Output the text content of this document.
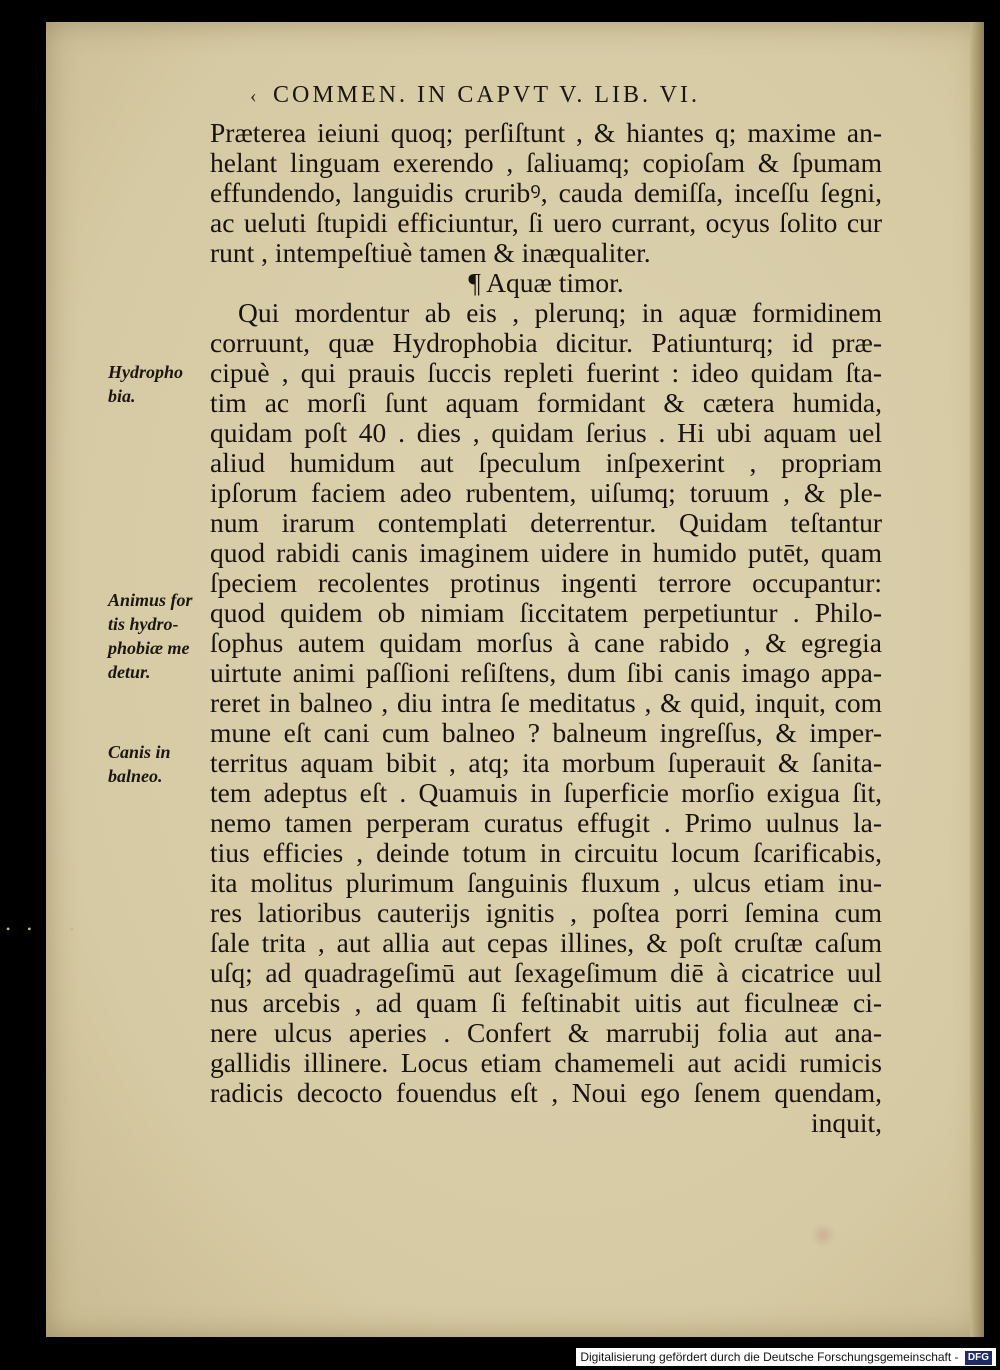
• • • •
‹ COMMEN. IN CAPVT V. LIB. VI.
Præterea ieiuni quoq; perſiſtunt , & hiantes q; maxime an-
helant linguam exerendo , ſaliuamq; copioſam & ſpumam
effundendo, languidis cruribꝰ, cauda demiſſa, inceſſu ſegni,
ac ueluti ſtupidi efficiuntur, ſi uero currant, ocyus ſolito cur
runt , intempeſtiuè tamen & inæqualiter.
¶ Aquæ timor.
Qui mordentur ab eis , plerunq; in aquæ formidinem
corruunt, quæ Hydrophobia dicitur. Patiunturq; id præ-
cipuè , qui prauis ſuccis repleti fuerint : ideo quidam ſta-
tim ac morſi ſunt aquam formidant & cætera humida,
quidam poſt 40 . dies , quidam ſerius . Hi ubi aquam uel
aliud humidum aut ſpeculum inſpexerint , propriam
ipſorum faciem adeo rubentem, uiſumq; toruum , & ple-
num irarum contemplati deterrentur. Quidam teſtantur
quod rabidi canis imaginem uidere in humido putēt, quam
ſpeciem recolentes protinus ingenti terrore occupantur:
quod quidem ob nimiam ſiccitatem perpetiuntur . Philo-
ſophus autem quidam morſus à cane rabido , & egregia
uirtute animi paſſioni reſiſtens, dum ſibi canis imago appa-
reret in balneo , diu intra ſe meditatus , & quid, inquit, com
mune eſt cani cum balneo ? balneum ingreſſus, & imper-
territus aquam bibit , atq; ita morbum ſuperauit & ſanita-
tem adeptus eſt . Quamuis in ſuperficie morſio exigua ſit,
nemo tamen perperam curatus effugit . Primo uulnus la-
tius efficies , deinde totum in circuitu locum ſcarificabis,
ita molitus plurimum ſanguinis fluxum , ulcus etiam inu-
res latioribus cauterijs ignitis , poſtea porri ſemina cum
ſale trita , aut allia aut cepas illines, & poſt cruſtæ caſum
uſq; ad quadrageſimū aut ſexageſimum diē à cicatrice uul
nus arcebis , ad quam ſi feſtinabit uitis aut ficulneæ ci-
nere ulcus aperies . Confert & marrubij folia aut ana-
gallidis illinere. Locus etiam chamemeli aut acidi rumicis
radicis decocto fouendus eſt , Noui ego ſenem quendam,
inquit,
Hydropho
bia.
Animus for
tis hydro-
phobiæ me
detur.
Canis in
balneo.
Digitalisierung gefördert durch die Deutsche Forschungsgemeinschaft - DFG
